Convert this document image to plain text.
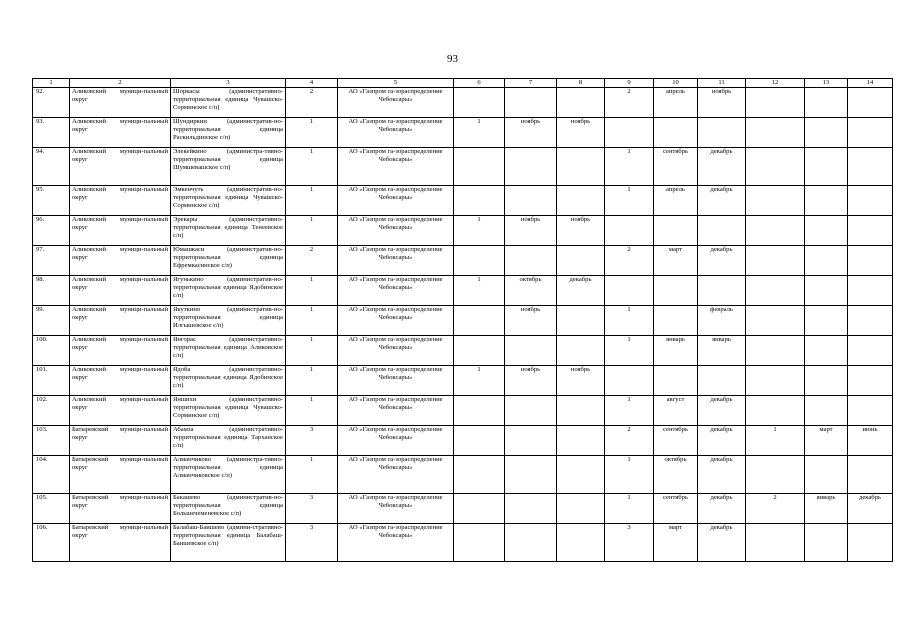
93
1	2	3	4	5	6	7	8	9	10	11	12	13	14
92.	Аликовский муници-пальный округ	Шоркасы (административно-территориальная единица Чувашско-Сорминское с/п)	2	АО «Газпром га-зораспределение Чебоксары»				2	апрель	ноябрь			
93.	Аликовский муници-пальный округ	Шундиркин (административ-но-территориальная единица Раскильдинское с/п)	1	АО «Газпром га-зораспределение Чебоксары»	1	ноябрь	ноябрь						
94.	Аликовский муници-пальный округ	Элекейкино (администра-тивно-территориальная единица Шумшевашское с/п)	1	АО «Газпром га-зораспределение Чебоксары»				1	сентябрь	декабрь			
95.	Аликовский муници-пальный округ	Эмкенчуть (административ-но-территориальная единица Чувашско-Сорминское с/п)	1	АО «Газпром га-зораспределение Чебоксары»				1	апрель	декабрь			
96.	Аликовский муници-пальный округ	Эрекары (административно-территориальная единица Тенеевское с/п)	1	АО «Газпром га-зораспределение Чебоксары»	1	ноябрь	ноябрь						
97.	Аликовский муници-пальный округ	Юмашкаси (административ-но-территориальная единица Ефремкасинское с/п)	2	АО «Газпром га-зораспределение Чебоксары»				2	март	декабрь			
98.	Аликовский муници-пальный округ	Ягунькино (административ-но-территориальная единица Ядобинское с/п)	1	АО «Газпром га-зораспределение Чебоксары»	1	октябрь	декабрь						
99.	Аликовский муници-пальный округ	Якуткино (административ-но-территориальная единица Илгышевское с/п)	1	АО «Газпром га-зораспределение Чебоксары»		ноябрь		1		февраль			
100.	Аликовский муници-пальный округ	Янгорас (административно-территориальная единица Аликовское с/п)	1	АО «Газпром га-зораспределение Чебоксары»				1	январь	январь			
101.	Аликовский муници-пальный округ	Ядоба (административно-территориальная единица Ядобинское с/п)	1	АО «Газпром га-зораспределение Чебоксары»	1	ноябрь	ноябрь						
102.	Аликовский муници-пальный округ	Яншихи (административно-территориальная единица Чувашско-Сорминское с/п)	1	АО «Газпром га-зораспределение Чебоксары»				1	август	декабрь			
103.	Батыревский муници-пальный округ	Абамза (административно-территориальная единица Тарханское с/п)	3	АО «Газпром га-зораспределение Чебоксары»				2	сентябрь	декабрь	1	март	июнь
104.	Батыревский муници-пальный округ	Алманчиково (администра-тивно-территориальная единица Алманчиковское с/п)	1	АО «Газпром га-зораспределение Чебоксары»				1	октябрь	декабрь			
105.	Батыревский муници-пальный округ	Бакашево (административ-но-территориальная единица Большечеменевское с/п)	3	АО «Газпром га-зораспределение Чебоксары»				1	сентябрь	декабрь	2	январь	декабрь
106.	Батыревский муници-пальный округ	Балабаш-Баишево (админи-стративно-территориальная единица Балабаш-Баишевское с/п)	3	АО «Газпром га-зораспределение Чебоксары»				3	март	декабрь			
